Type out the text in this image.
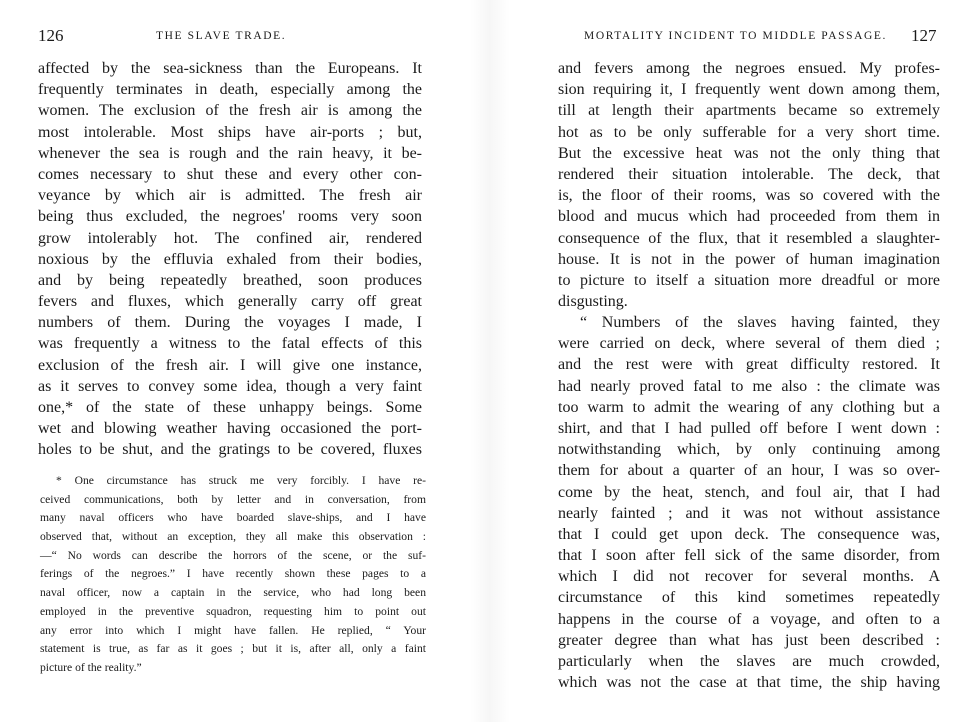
126	THE SLAVE TRADE.
affected by the sea-sickness than the Europeans. It
frequently terminates in death, especially among the
women. The exclusion of the fresh air is among the
most intolerable. Most ships have air-ports ; but,
whenever the sea is rough and the rain heavy, it be-
comes necessary to shut these and every other con-
veyance by which air is admitted. The fresh air
being thus excluded, the negroes' rooms very soon
grow intolerably hot. The confined air, rendered
noxious by the effluvia exhaled from their bodies,
and by being repeatedly breathed, soon produces
fevers and fluxes, which generally carry off great
numbers of them. During the voyages I made, I
was frequently a witness to the fatal effects of this
exclusion of the fresh air. I will give one instance,
as it serves to convey some idea, though a very faint
one,* of the state of these unhappy beings. Some
wet and blowing weather having occasioned the port-
holes to be shut, and the gratings to be covered, fluxes
* One circumstance has struck me very forcibly. I have re-
ceived communications, both by letter and in conversation, from
many naval officers who have boarded slave-ships, and I have
observed that, without an exception, they all make this observation :
—“ No words can describe the horrors of the scene, or the suf-
ferings of the negroes.” I have recently shown these pages to a
naval officer, now a captain in the service, who had long been
employed in the preventive squadron, requesting him to point out
any error into which I might have fallen. He replied, “ Your
statement is true, as far as it goes ; but it is, after all, only a faint
picture of the reality.”
MORTALITY INCIDENT TO MIDDLE PASSAGE. 127
and fevers among the negroes ensued. My profes-
sion requiring it, I frequently went down among them,
till at length their apartments became so extremely
hot as to be only sufferable for a very short time.
But the excessive heat was not the only thing that
rendered their situation intolerable. The deck, that
is, the floor of their rooms, was so covered with the
blood and mucus which had proceeded from them in
consequence of the flux, that it resembled a slaughter-
house. It is not in the power of human imagination
to picture to itself a situation more dreadful or more
disgusting.
“ Numbers of the slaves having fainted, they
were carried on deck, where several of them died ;
and the rest were with great difficulty restored. It
had nearly proved fatal to me also : the climate was
too warm to admit the wearing of any clothing but a
shirt, and that I had pulled off before I went down :
notwithstanding which, by only continuing among
them for about a quarter of an hour, I was so over-
come by the heat, stench, and foul air, that I had
nearly fainted ; and it was not without assistance
that I could get upon deck. The consequence was,
that I soon after fell sick of the same disorder, from
which I did not recover for several months. A
circumstance of this kind sometimes repeatedly
happens in the course of a voyage, and often to a
greater degree than what has just been described :
particularly when the slaves are much crowded,
which was not the case at that time, the ship having
